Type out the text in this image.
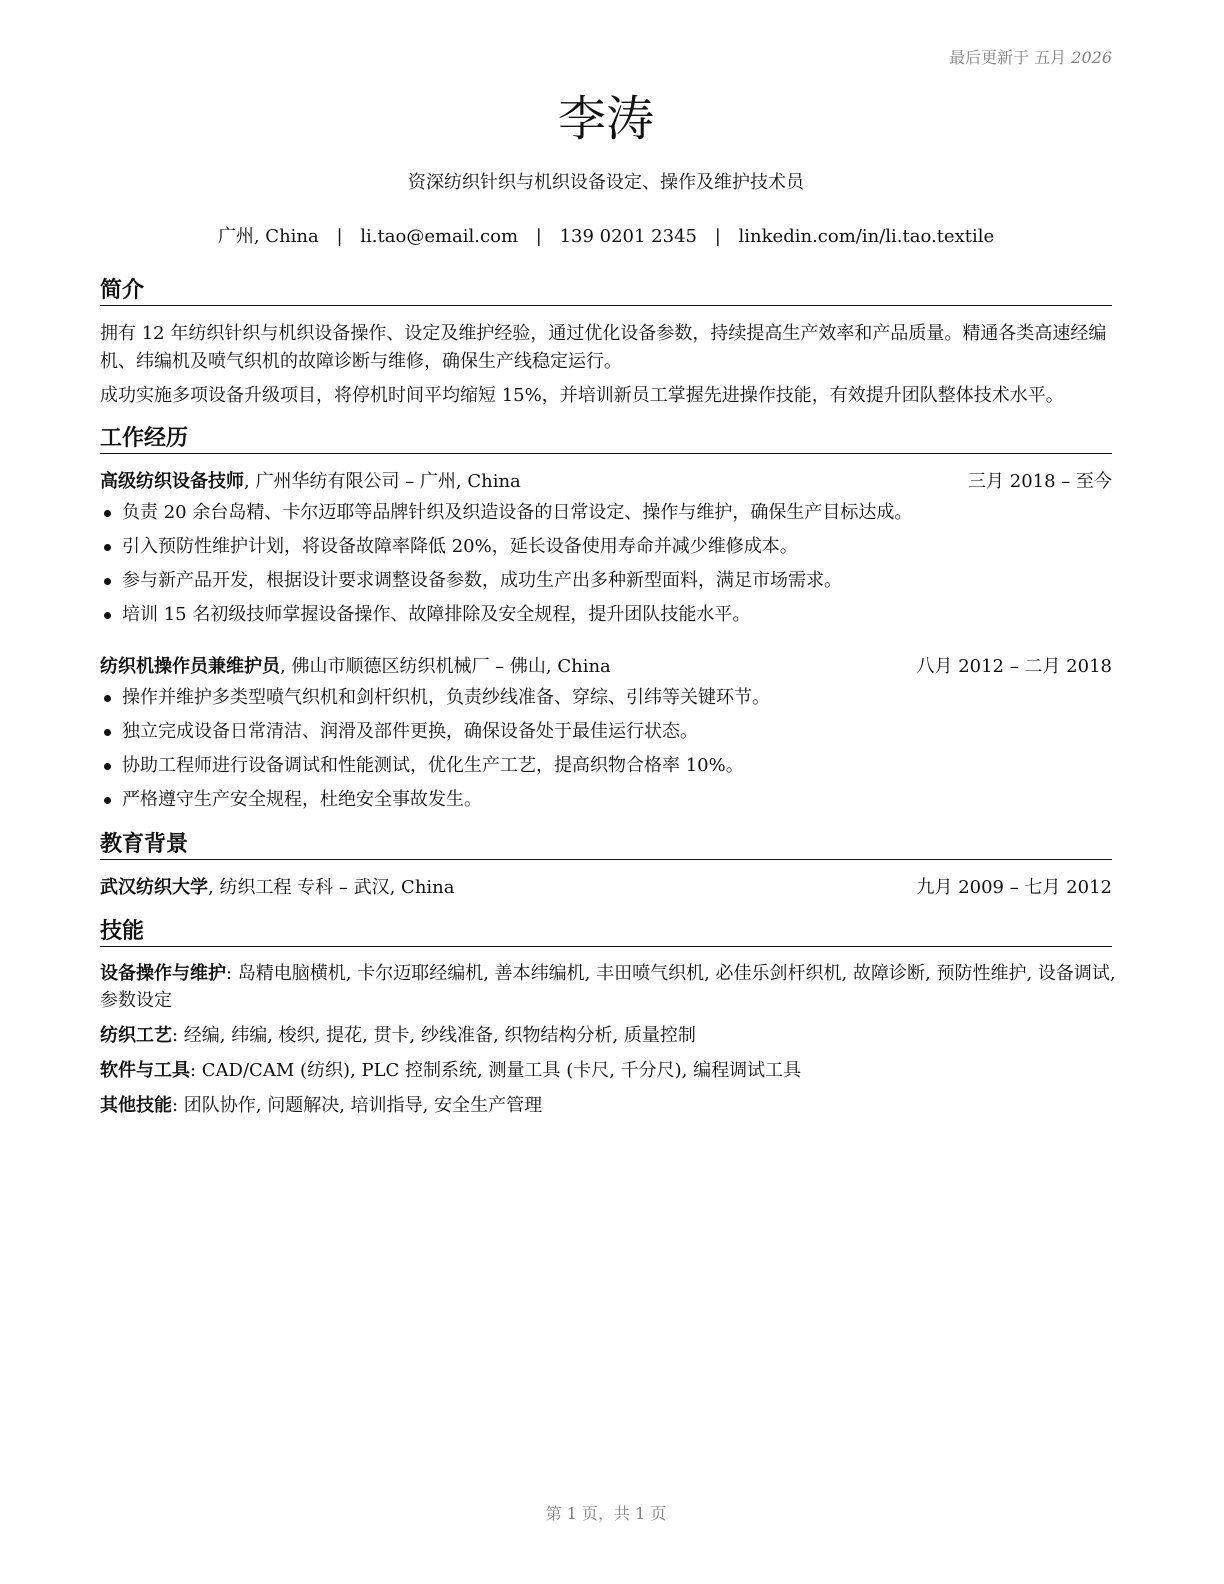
最后更新于 五月 2026
李涛
资深纺织针织与机织设备设定、操作及维护技术员
广州, China | li.tao@email.com | 139 0201 2345 | linkedin.com/in/li.tao.textile
简介
拥有 12 年纺织针织与机织设备操作、设定及维护经验，通过优化设备参数，持续提高生产效率和产品质量。精通各类高速经编机、纬编机及喷气织机的故障诊断与维修，确保生产线稳定运行。
成功实施多项设备升级项目，将停机时间平均缩短 15%，并培训新员工掌握先进操作技能，有效提升团队整体技术水平。
工作经历
高级纺织设备技师, 广州华纺有限公司 – 广州, China	三月 2018 – 至今
负责 20 余台岛精、卡尔迈耶等品牌针织及织造设备的日常设定、操作与维护，确保生产目标达成。
引入预防性维护计划，将设备故障率降低 20%，延长设备使用寿命并减少维修成本。
参与新产品开发，根据设计要求调整设备参数，成功生产出多种新型面料，满足市场需求。
培训 15 名初级技师掌握设备操作、故障排除及安全规程，提升团队技能水平。
纺织机操作员兼维护员, 佛山市顺德区纺织机械厂 – 佛山, China	八月 2012 – 二月 2018
操作并维护多类型喷气织机和剑杆织机，负责纱线准备、穿综、引纬等关键环节。
独立完成设备日常清洁、润滑及部件更换，确保设备处于最佳运行状态。
协助工程师进行设备调试和性能测试，优化生产工艺，提高织物合格率 10%。
严格遵守生产安全规程，杜绝安全事故发生。
教育背景
武汉纺织大学, 纺织工程 专科 – 武汉, China	九月 2009 – 七月 2012
技能
设备操作与维护: 岛精电脑横机, 卡尔迈耶经编机, 善本纬编机, 丰田喷气织机, 必佳乐剑杆织机, 故障诊断, 预防性维护, 设备调试, 参数设定
纺织工艺: 经编, 纬编, 梭织, 提花, 贯卡, 纱线准备, 织物结构分析, 质量控制
软件与工具: CAD/CAM (纺织), PLC 控制系统, 测量工具 (卡尺, 千分尺), 编程调试工具
其他技能: 团队协作, 问题解决, 培训指导, 安全生产管理
第 1 页，共 1 页
